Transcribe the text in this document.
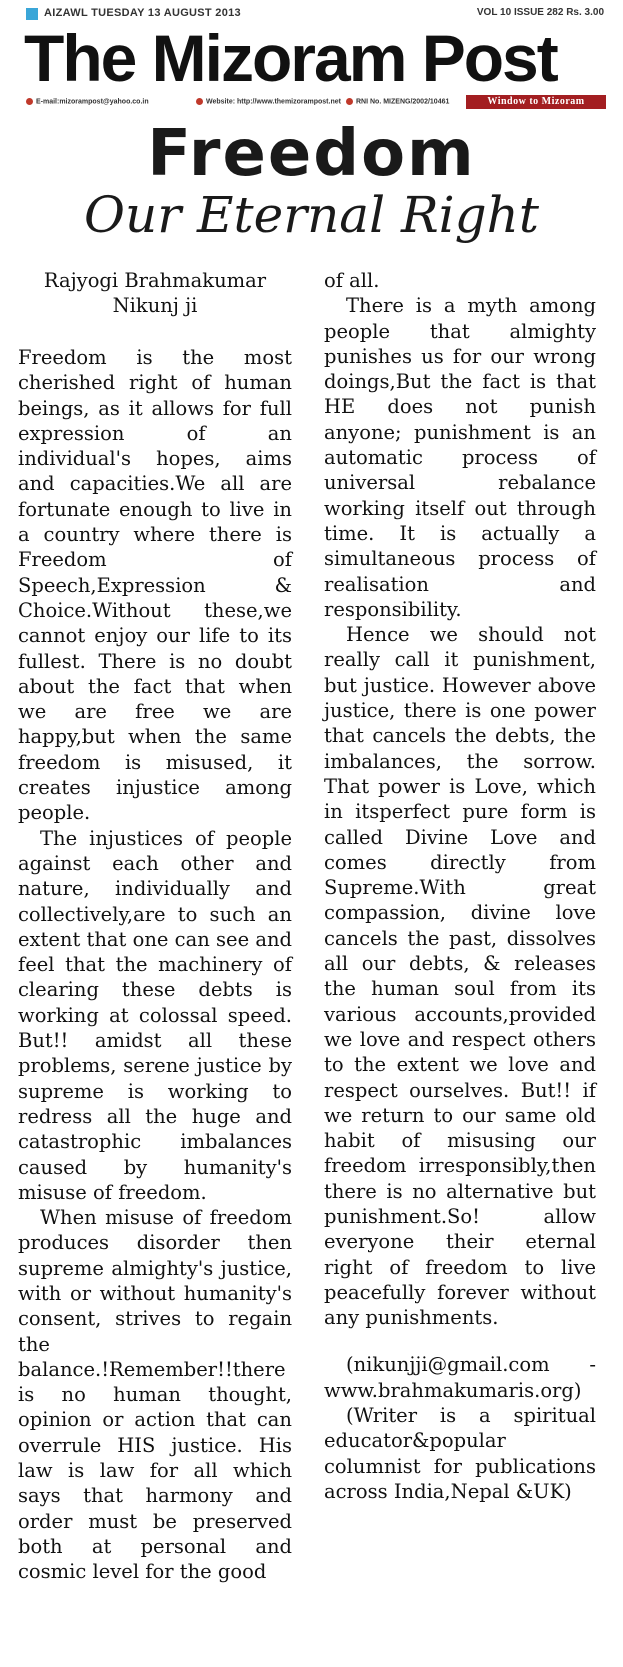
AIZAWL TUESDAY 13 AUGUST 2013	VOL 10 ISSUE 282 Rs. 3.00
The Mizoram Post
E-mail:mizorampost@yahoo.co.in	Website: http://www.themizorampost.net	RNI No. MIZENG/2002/10461	Window to Mizoram
Freedom
Our Eternal Right
Rajyogi Brahmakumar
Nikunj ji

Freedom is the most cherished right of human beings, as it allows for full expression of an individual's hopes, aims and capacities.We all are fortunate enough to live in a country where there is Freedom of Speech,Expression & Choice.Without these,we cannot enjoy our life to its fullest. There is no doubt about the fact that when we are free we are happy,but when the same freedom is misused, it creates injustice among people.

The injustices of people against each other and nature, individually and collectively,are to such an extent that one can see and feel that the machinery of clearing these debts is working at colossal speed. But!! amidst all these problems, serene justice by supreme is working to redress all the huge and catastrophic imbalances caused by humanity's misuse of freedom.

When misuse of freedom produces disorder then supreme almighty's justice, with or without humanity's consent, strives to regain the balance.!Remember!!there is no human thought, opinion or action that can overrule HIS justice. His law is law for all which says that harmony and order must be preserved both at personal and cosmic level for the good

of all.

There is a myth among people that almighty punishes us for our wrong doings,But the fact is that HE does not punish anyone; punishment is an automatic process of universal rebalance working itself out through time. It is actually a simultaneous process of realisation and responsibility.

Hence we should not really call it punishment, but justice. However above justice, there is one power that cancels the debts, the imbalances, the sorrow. That power is Love, which in itsperfect pure form is called Divine Love and comes directly from Supreme.With great compassion, divine love cancels the past, dissolves all our debts, & releases the human soul from its various accounts,provided we love and respect others to the extent we love and respect ourselves. But!! if we return to our same old habit of misusing our freedom irresponsibly,then there is no alternative but punishment.So! allow everyone their eternal right of freedom to live peacefully forever without any punishments.

(nikunjji@gmail.com - www.brahmakumaris.org)

(Writer is a spiritual educator&popular columnist for publications across India,Nepal &UK)
